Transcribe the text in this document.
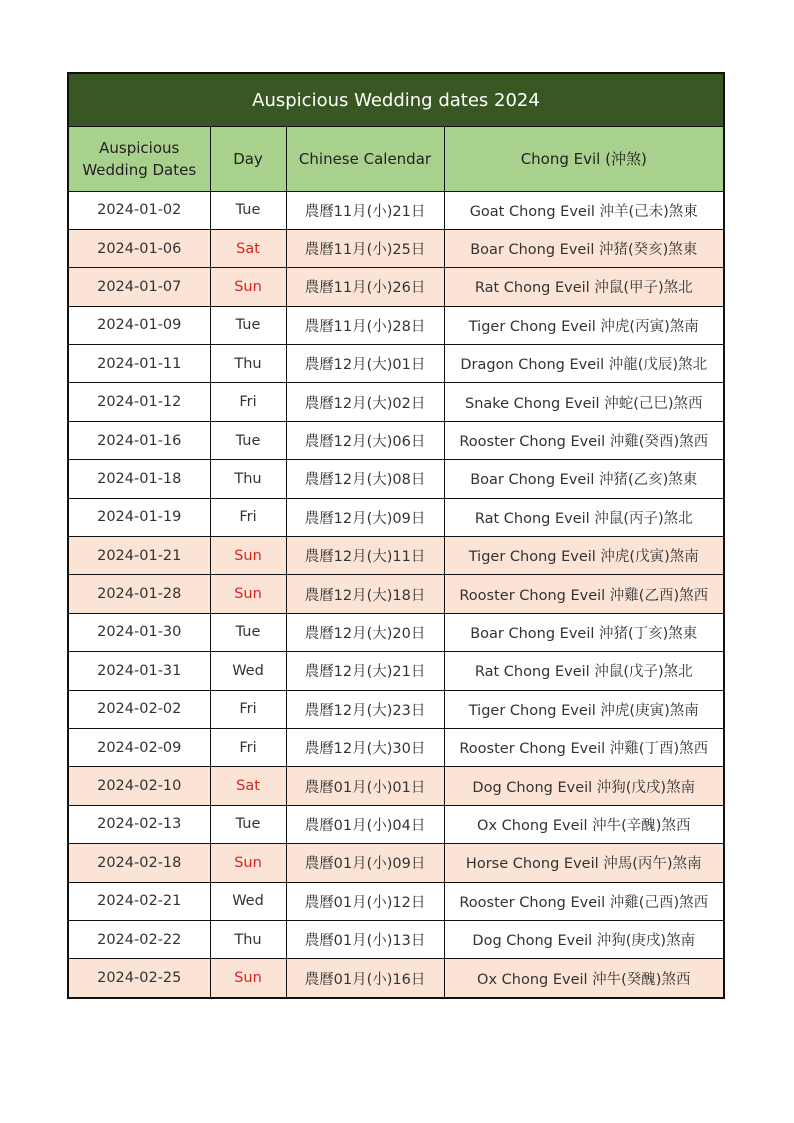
Auspicious Wedding dates 2024
Auspicious Wedding Dates	Day	Chinese Calendar	Chong Evil (沖煞)
2024-01-02	Tue	農曆11月(小)21日	Goat Chong Eveil 沖羊(己未)煞東
2024-01-06	Sat	農曆11月(小)25日	Boar Chong Eveil 沖猪(癸亥)煞東
2024-01-07	Sun	農曆11月(小)26日	Rat Chong Eveil 沖鼠(甲子)煞北
2024-01-09	Tue	農曆11月(小)28日	Tiger Chong Eveil 沖虎(丙寅)煞南
2024-01-11	Thu	農曆12月(大)01日	Dragon Chong Eveil 沖龍(戊辰)煞北
2024-01-12	Fri	農曆12月(大)02日	Snake Chong Eveil 沖蛇(己巳)煞西
2024-01-16	Tue	農曆12月(大)06日	Rooster Chong Eveil 沖雞(癸酉)煞西
2024-01-18	Thu	農曆12月(大)08日	Boar Chong Eveil 沖猪(乙亥)煞東
2024-01-19	Fri	農曆12月(大)09日	Rat Chong Eveil 沖鼠(丙子)煞北
2024-01-21	Sun	農曆12月(大)11日	Tiger Chong Eveil 沖虎(戊寅)煞南
2024-01-28	Sun	農曆12月(大)18日	Rooster Chong Eveil 沖雞(乙酉)煞西
2024-01-30	Tue	農曆12月(大)20日	Boar Chong Eveil 沖猪(丁亥)煞東
2024-01-31	Wed	農曆12月(大)21日	Rat Chong Eveil 沖鼠(戊子)煞北
2024-02-02	Fri	農曆12月(大)23日	Tiger Chong Eveil 沖虎(庚寅)煞南
2024-02-09	Fri	農曆12月(大)30日	Rooster Chong Eveil 沖雞(丁酉)煞西
2024-02-10	Sat	農曆01月(小)01日	Dog Chong Eveil 沖狗(戊戌)煞南
2024-02-13	Tue	農曆01月(小)04日	Ox Chong Eveil 沖牛(辛醜)煞西
2024-02-18	Sun	農曆01月(小)09日	Horse Chong Eveil 沖馬(丙午)煞南
2024-02-21	Wed	農曆01月(小)12日	Rooster Chong Eveil 沖雞(己酉)煞西
2024-02-22	Thu	農曆01月(小)13日	Dog Chong Eveil 沖狗(庚戌)煞南
2024-02-25	Sun	農曆01月(小)16日	Ox Chong Eveil 沖牛(癸醜)煞西
